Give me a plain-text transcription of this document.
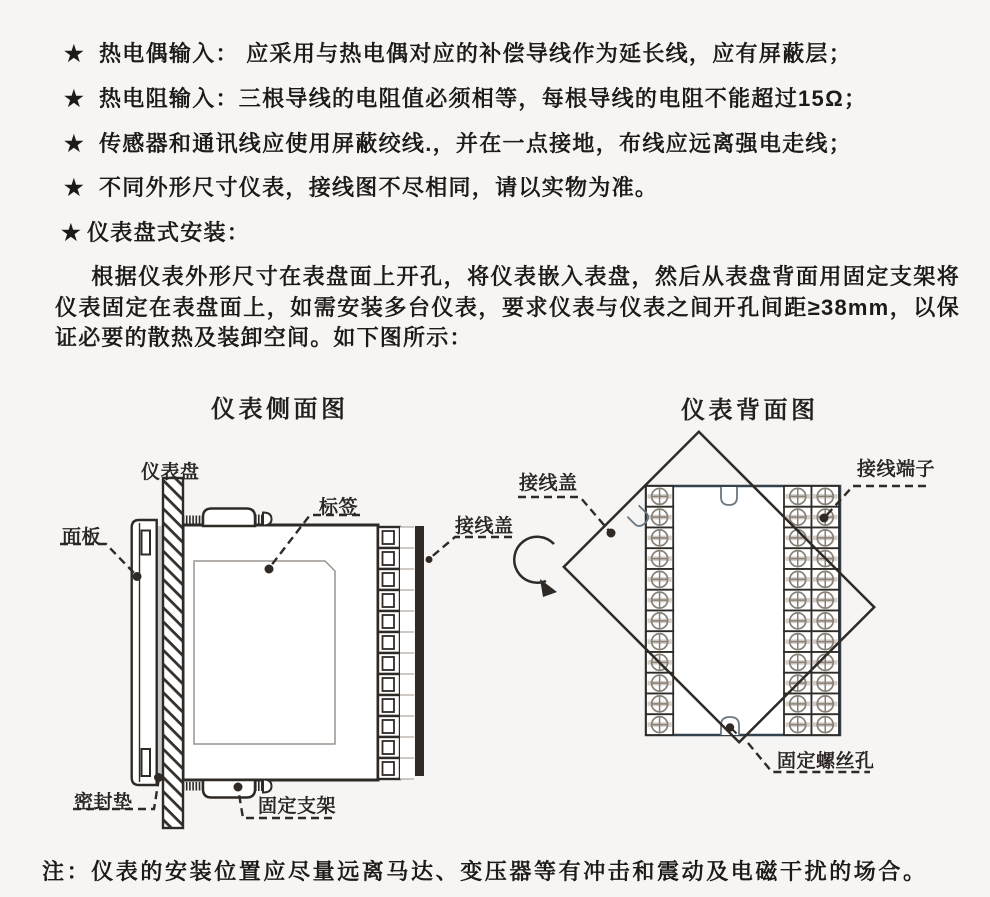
★ 热电偶输入： 应采用与热电偶对应的补偿导线作为延长线，应有屏蔽层；
★ 热电阻输入：三根导线的电阻值必须相等，每根导线的电阻不能超过15Ω；
★ 传感器和通讯线应使用屏蔽绞线.，并在一点接地，布线应远离强电走线；
★ 不同外形尺寸仪表，接线图不尽相同，请以实物为准。
★ 仪表盘式安装：

根据仪表外形尺寸在表盘面上开孔，将仪表嵌入表盘，然后从表盘背面用固定支架将仪表固定在表盘面上，如需安装多台仪表，要求仪表与仪表之间开孔间距≥38mm，以保证必要的散热及装卸空间。如下图所示：

仪表侧面图	仪表背面图
仪表盘
面板
标签
接线盖
密封垫	固定支架
接线盖
接线端子
固定螺丝孔

注：仪表的安装位置应尽量远离马达、变压器等有冲击和震动及电磁干扰的场合。
